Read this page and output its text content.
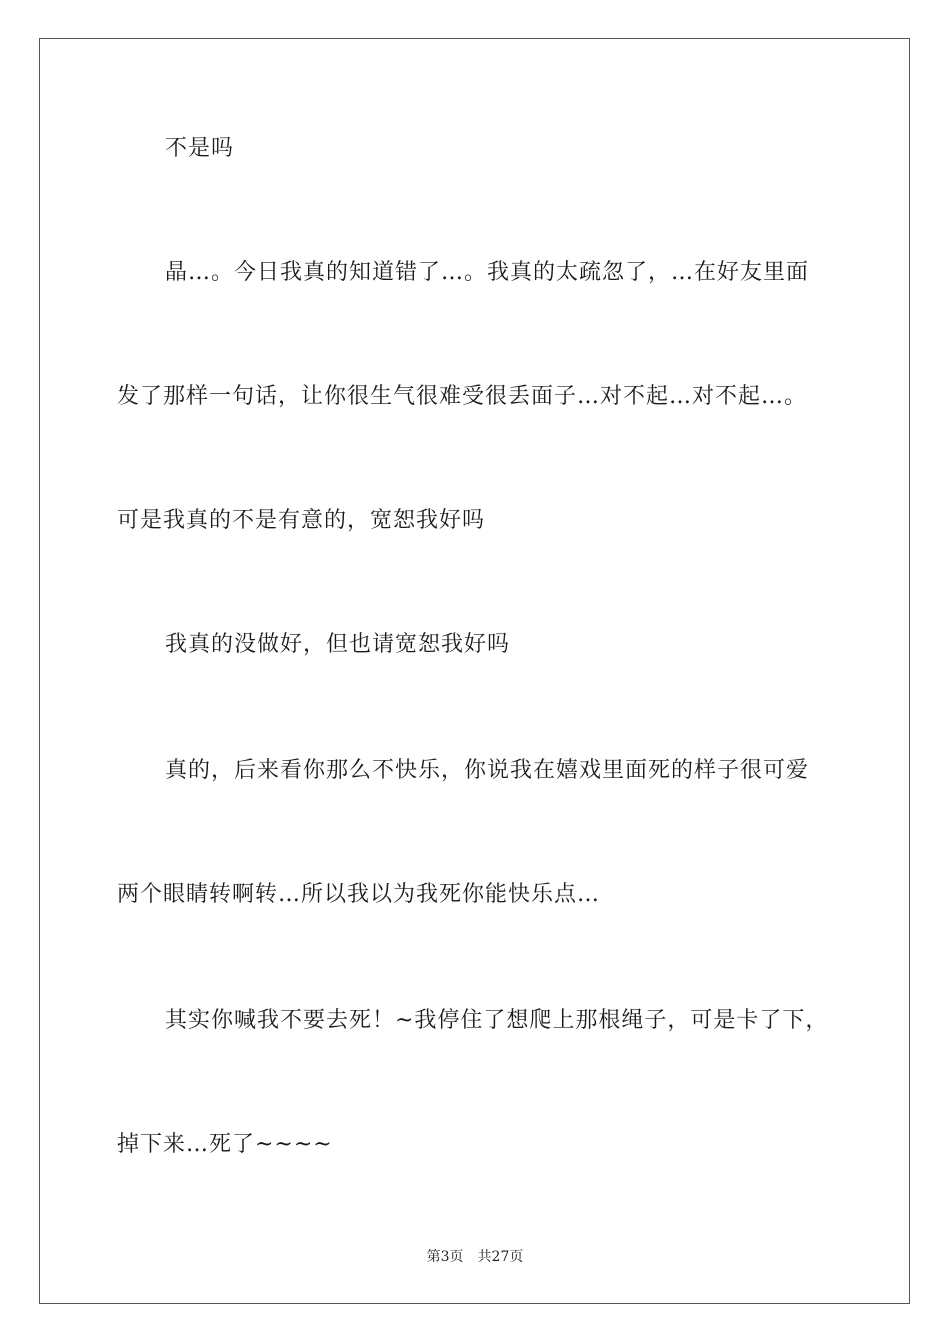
不是吗
晶…。今日我真的知道错了…。我真的太疏忽了，…在好友里面
发了那样一句话，让你很生气很难受很丢面子…对不起…对不起…。
可是我真的不是有意的，宽恕我好吗
我真的没做好，但也请宽恕我好吗
真的，后来看你那么不快乐，你说我在嬉戏里面死的样子很可爱
两个眼睛转啊转…所以我以为我死你能快乐点…
其实你喊我不要去死！~我停住了想爬上那根绳子，可是卡了下，
掉下来…死了~~~~
第3页 共27页
